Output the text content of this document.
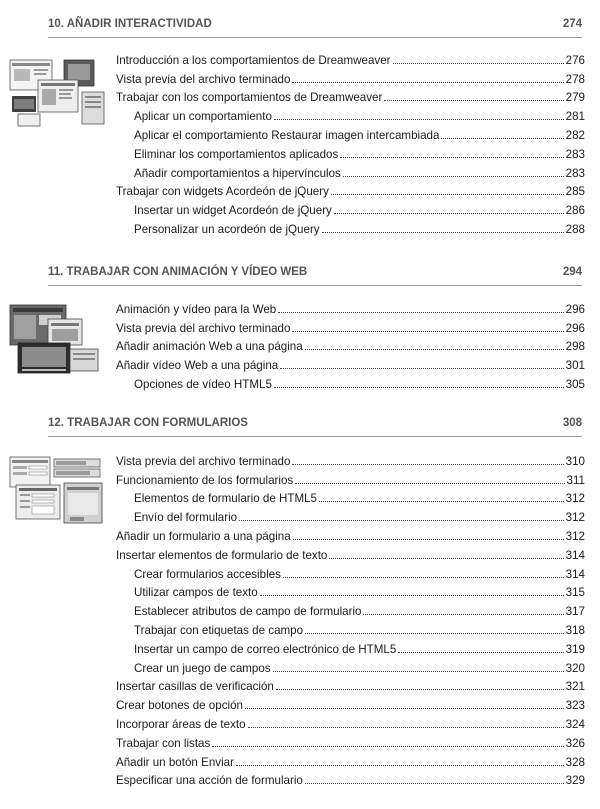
10. AÑADIR INTERACTIVIDAD	274
Introducción a los comportamientos de Dreamweaver	276
Vista previa del archivo terminado	278
Trabajar con los comportamientos de Dreamweaver	279
Aplicar un comportamiento	281
Aplicar el comportamiento Restaurar imagen intercambiada	282
Eliminar los comportamientos aplicados	283
Añadir comportamientos a hipervínculos	283
Trabajar con widgets Acordeón de jQuery	285
Insertar un widget Acordeón de jQuery	286
Personalizar un acordeón de jQuery	288
11. TRABAJAR CON ANIMACIÓN Y VÍDEO WEB	294
Animación y vídeo para la Web	296
Vista previa del archivo terminado	296
Añadir animación Web a una página	298
Añadir vídeo Web a una página	301
Opciones de vídeo HTML5	305
12. TRABAJAR CON FORMULARIOS	308
Vista previa del archivo terminado	310
Funcionamiento de los formularios	311
Elementos de formulario de HTML5	312
Envío del formulario	312
Añadir un formulario a una página	312
Insertar elementos de formulario de texto	314
Crear formularios accesibles	314
Utilizar campos de texto	315
Establecer atributos de campo de formulario	317
Trabajar con etiquetas de campo	318
Insertar un campo de correo electrónico de HTML5	319
Crear un juego de campos	320
Insertar casillas de verificación	321
Crear botones de opción	323
Incorporar áreas de texto	324
Trabajar con listas	326
Añadir un botón Enviar	328
Especificar una acción de formulario	329
